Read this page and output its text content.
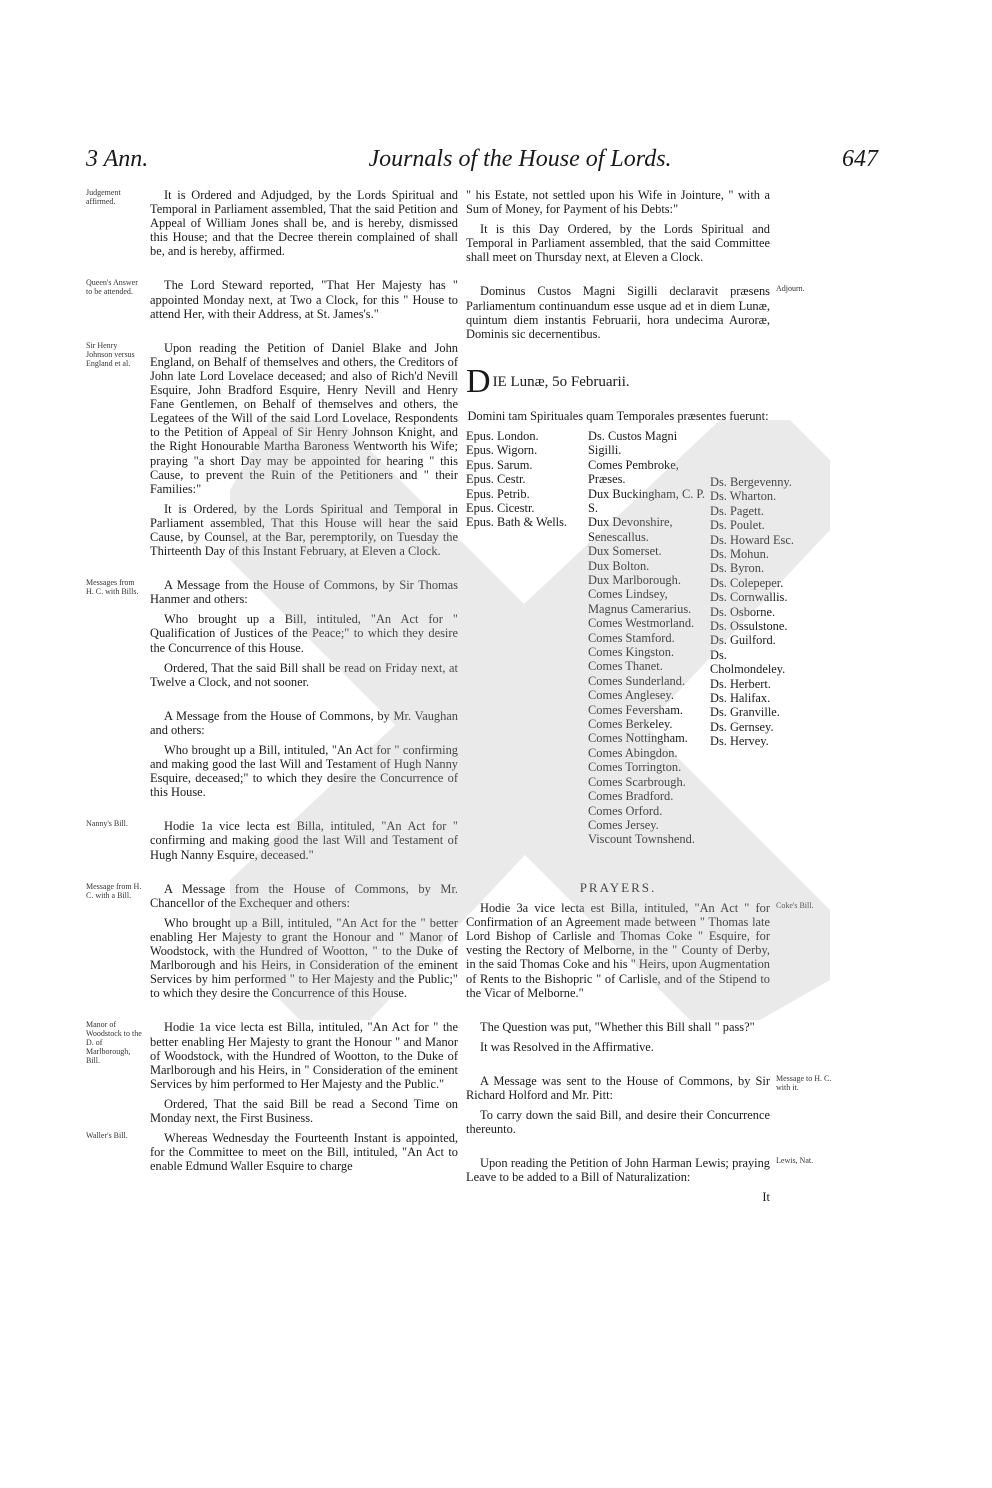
3 Ann.	Journals of the House of Lords.	647
Judgement affirmed.	It is Ordered and Adjudged, by the Lords Spiritual and Temporal in Parliament assembled, That the said Petition and Appeal of William Jones shall be, and is hereby, dismissed this House; and that the Decree therein complained of shall be, and is hereby, affirmed.
Queen's Answer to be attended.	The Lord Steward reported, "That Her Majesty has " appointed Monday next, at Two a Clock, for this " House to attend Her, with their Address, at St. James's."
Sir Henry Johnson versus England et al.
Upon reading the Petition of Daniel Blake and John England, on Behalf of themselves and others, the Creditors of John late Lord Lovelace deceased; and also of Rich'd Nevill Esquire, John Bradford Esquire, Henry Nevill and Henry Fane Gentlemen, on Behalf of themselves and others, the Legatees of the Will of the said Lord Lovelace, Respondents to the Petition of Appeal of Sir Henry Johnson Knight, and the Right Honourable Martha Baroness Wentworth his Wife; praying "a short Day may be appointed for hearing " this Cause, to prevent the Ruin of the Petitioners and " their Families:"
It is Ordered, by the Lords Spiritual and Temporal in Parliament assembled, That this House will hear the said Cause, by Counsel, at the Bar, peremptorily, on Tuesday the Thirteenth Day of this Instant February, at Eleven a Clock.
Messages from H. C. with Bills.	A Message from the House of Commons, by Sir Thomas Hanmer and others:
Who brought up a Bill, intituled, "An Act for " Qualification of Justices of the Peace;" to which they desire the Concurrence of this House.
Ordered, That the said Bill shall be read on Friday next, at Twelve a Clock, and not sooner.
A Message from the House of Commons, by Mr. Vaughan and others:
Who brought up a Bill, intituled, "An Act for " confirming and making good the last Will and Testament of Hugh Nanny Esquire, deceased;" to which they desire the Concurrence of this House.
Nanny's Bill.	Hodie 1a vice lecta est Billa, intituled, "An Act for " confirming and making good the last Will and Testament of Hugh Nanny Esquire, deceased."
Message from H. C. with a Bill.	A Message from the House of Commons, by Mr. Chancellor of the Exchequer and others:
Who brought up a Bill, intituled, "An Act for the " better enabling Her Majesty to grant the Honour and " Manor of Woodstock, with the Hundred of Wootton, " to the Duke of Marlborough and his Heirs, in Consideration of the eminent Services by him performed " to Her Majesty and the Public;" to which they desire the Concurrence of this House.
Manor of Woodstock to the D. of Marlborough, Bill.
Hodie 1a vice lecta est Billa, intituled, "An Act for " the better enabling Her Majesty to grant the Honour " and Manor of Woodstock, with the Hundred of Wootton, to the Duke of Marlborough and his Heirs, in " Consideration of the eminent Services by him performed to Her Majesty and the Public."
Ordered, That the said Bill be read a Second Time on Monday next, the First Business.
Waller's Bill.	Whereas Wednesday the Fourteenth Instant is appointed, for the Committee to meet on the Bill, intituled, "An Act to enable Edmund Waller Esquire to charge
" his Estate, not settled upon his Wife in Jointure, " with a Sum of Money, for Payment of his Debts:"
It is this Day Ordered, by the Lords Spiritual and Temporal in Parliament assembled, that the said Committee shall meet on Thursday next, at Eleven a Clock.
Adjourn.
Dominus Custos Magni Sigilli declaravit præsens Parliamentum continuandum esse usque ad et in diem Lunæ, quintum diem instantis Februarii, hora undecima Auroræ, Dominis sic decernentibus.
DIE Lunæ, 5o Februarii.
Domini tam Spirituales quam Temporales præsentes fuerunt:
Epus. London.
Epus. Wigorn.
Epus. Sarum.
Epus. Cestr.
Epus. Petrib.
Epus. Cicestr.
Epus. Bath & Wells.
Ds. Custos Magni Sigilli.
Comes Pembroke, Præses.
Dux Buckingham, C. P. S.
Dux Devonshire, Senescallus.
Dux Somerset.
Dux Bolton.
Dux Marlborough.
Comes Lindsey, Magnus Camerarius.
Comes Westmorland.
Comes Stamford.
Comes Kingston.
Comes Thanet.
Comes Sunderland.
Comes Anglesey.
Comes Feversham.
Comes Berkeley.
Comes Nottingham.
Comes Abingdon.
Comes Torrington.
Comes Scarbrough.
Comes Bradford.
Comes Orford.
Comes Jersey.
Viscount Townshend.
Ds. Bergevenny.
Ds. Wharton.
Ds. Pagett.
Ds. Poulet.
Ds. Howard Esc.
Ds. Mohun.
Ds. Byron.
Ds. Colepeper.
Ds. Cornwallis.
Ds. Osborne.
Ds. Ossulstone.
Ds. Guilford.
Ds. Cholmondeley.
Ds. Herbert.
Ds. Halifax.
Ds. Granville.
Ds. Gernsey.
Ds. Hervey.
PRAYERS.
Coke's Bill.
Hodie 3a vice lecta est Billa, intituled, "An Act " for Confirmation of an Agreement made between " Thomas late Lord Bishop of Carlisle and Thomas Coke " Esquire, for vesting the Rectory of Melborne, in the " County of Derby, in the said Thomas Coke and his " Heirs, upon Augmentation of Rents to the Bishopric " of Carlisle, and of the Stipend to the Vicar of Melborne."
The Question was put, "Whether this Bill shall " pass?"
It was Resolved in the Affirmative.
Message to H. C. with it.
A Message was sent to the House of Commons, by Sir Richard Holford and Mr. Pitt:
To carry down the said Bill, and desire their Concurrence thereunto.
Lewis, Nat.
Upon reading the Petition of John Harman Lewis; praying Leave to be added to a Bill of Naturalization:
It
